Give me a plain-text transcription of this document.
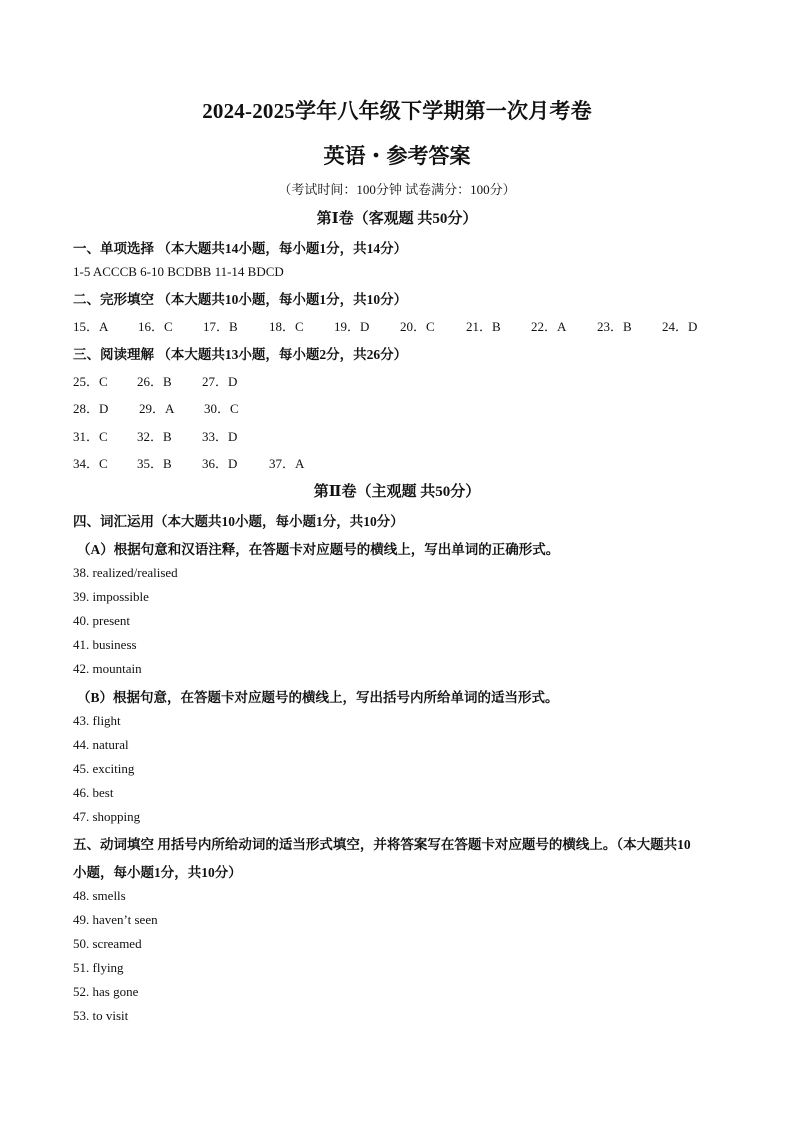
2024-2025学年八年级下学期第一次月考卷
英语・参考答案
（考试时间：100分钟 试卷满分：100分）
第Ⅰ卷（客观题 共50分）
一、单项选择 （本大题共14小题，每小题1分，共14分）
1-5 ACCCB 6-10 BCDBB 11-14 BDCD
二、完形填空 （本大题共10小题，每小题1分，共10分）
15．A 16．C 17．B 18．C 19．D 20．C 21．B 22．A 23．B 24．D
三、阅读理解 （本大题共13小题，每小题2分，共26分）
25．C 26．B 27．D
28．D 29．A 30．C
31．C 32．B 33．D
34．C 35．B 36．D 37．A
第Ⅱ卷（主观题 共50分）
四、词汇运用（本大题共10小题，每小题1分，共10分）
（A）根据句意和汉语注释，在答题卡对应题号的横线上，写出单词的正确形式。
38. realized/realised
39. impossible
40. present
41. business
42. mountain
（B）根据句意，在答题卡对应题号的横线上，写出括号内所给单词的适当形式。
43. flight
44. natural
45. exciting
46. best
47. shopping
五、动词填空 用括号内所给动词的适当形式填空，并将答案写在答题卡对应题号的横线上。（本大题共10
小题，每小题1分，共10分）
48. smells
49. haven’t seen
50. screamed
51. flying
52. has gone
53. to visit
